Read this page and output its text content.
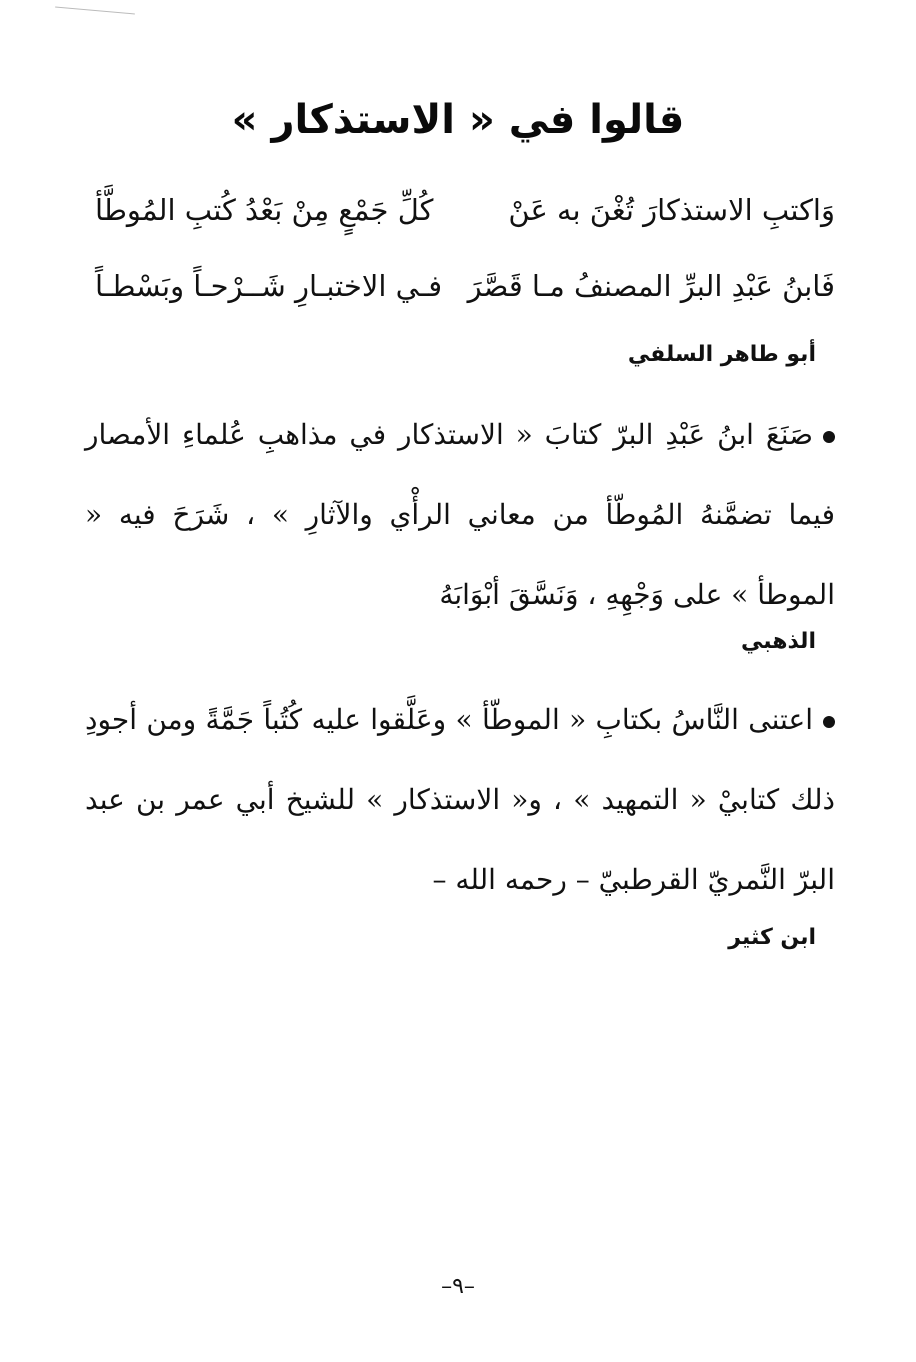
قالوا في « الاستذكار »
وَاكتبِ الاستذكارَ تُغْنَ به عَنْ
كُلِّ جَمْعٍ مِنْ بَعْدُ كُتبِ المُوطَّأ
فَابنُ عَبْدِ البرِّ المصنفُ مـا قَصَّرَ
فـي الاختبـارِ شَــرْحـاً وبَسْطـاً
أبو طاهر السلفي
صَنَعَ ابنُ عَبْدِ البرّ كتابَ « الاستذكار في مذاهبِ عُلماءِ الأمصار فيما تضمَّنهُ المُوطّأ من معاني الرأْي والآثارِ » ، شَرَحَ فيه « الموطأ » على وَجْهِهِ ، وَنَسَّقَ أبْوَابَهُ
الذهبي
اعتنى النَّاسُ بكتابِ « الموطّأ » وعَلَّقوا عليه كُتُباً جَمَّةً ومن أجودِ ذلك كتابيْ « التمهيد » ، و« الاستذكار » للشيخ أبي عمر بن عبد البرّ النَّمريّ القرطبيّ – رحمه الله –
ابن كثير
–٩–
